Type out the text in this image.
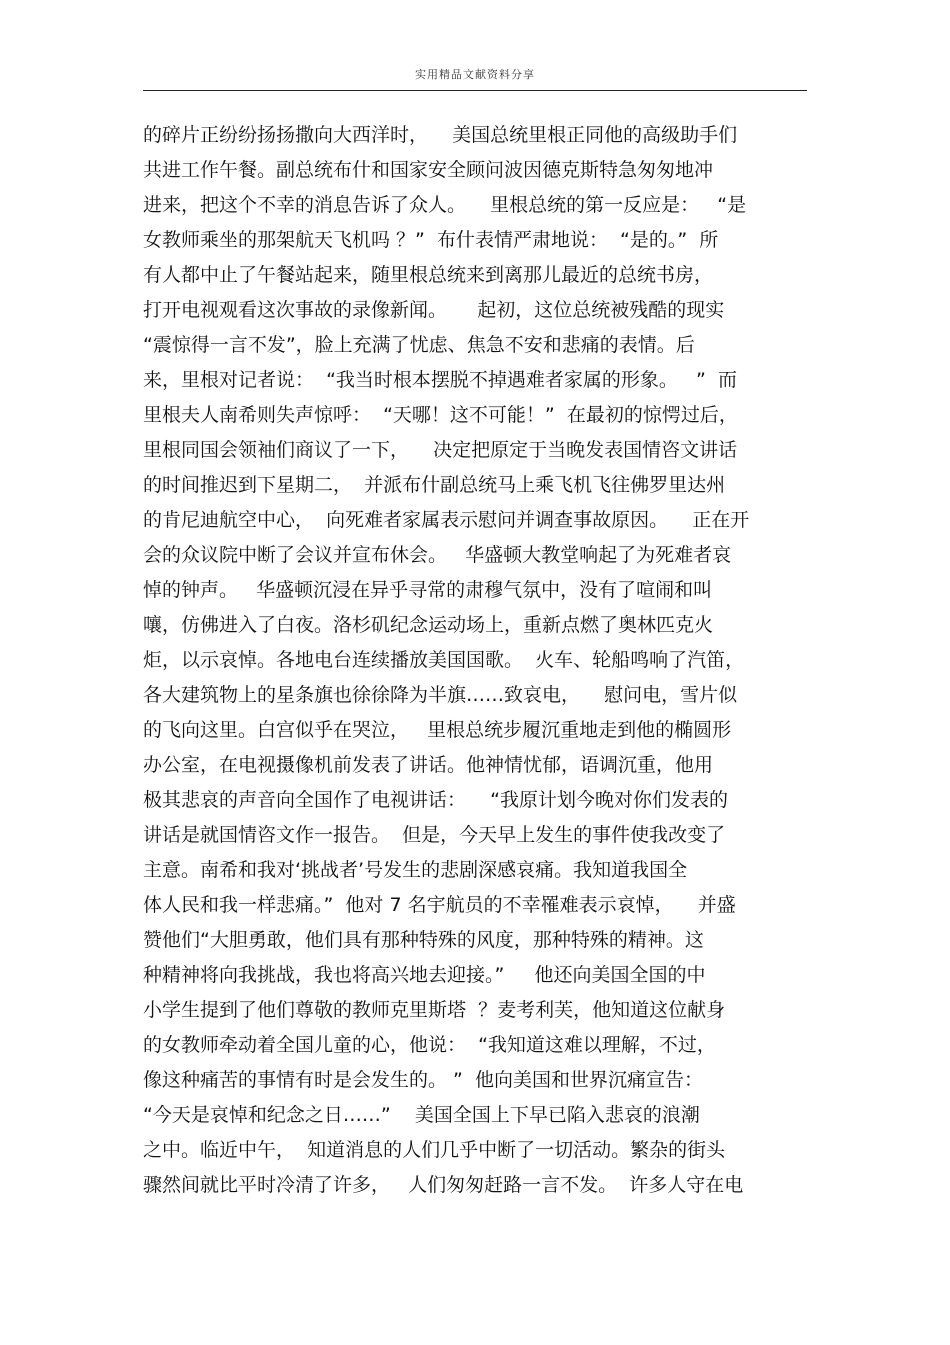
实用精品文献资料分享
的碎片正纷纷扬扬撒向大西洋时，    美国总统里根正同他的高级助手们
共进工作午餐。副总统布什和国家安全顾问波因德克斯特急匆匆地冲
进来，把这个不幸的消息告诉了众人。    里根总统的第一反应是：   “是
女教师乘坐的那架航天飞机吗 ？”  布什表情严肃地说：  “是的。”  所
有人都中止了午餐站起来，随里根总统来到离那儿最近的总统书房，
打开电视观看这次事故的录像新闻。     起初，这位总统被残酷的现实
“震惊得一言不发”，脸上充满了忧虑、焦急不安和悲痛的表情。后
来，里根对记者说：  “我当时根本摆脱不掉遇难者家属的形象。   ”  而
里根夫人南希则失声惊呼：  “天哪！这不可能！”  在最初的惊愕过后，
里根同国会领袖们商议了一下，    决定把原定于当晚发表国情咨文讲话
的时间推迟到下星期二，  并派布什副总统马上乘飞机飞往佛罗里达州
的肯尼迪航空中心，  向死难者家属表示慰问并调查事故原因。    正在开
会的众议院中断了会议并宣布休会。   华盛顿大教堂响起了为死难者哀
悼的钟声。   华盛顿沉浸在异乎寻常的肃穆气氛中，没有了喧闹和叫
嚷，仿佛进入了白夜。洛杉矶纪念运动场上，重新点燃了奥林匹克火
炬，以示哀悼。各地电台连续播放美国国歌。  火车、轮船鸣响了汽笛，
各大建筑物上的星条旗也徐徐降为半旗……致哀电，    慰问电，雪片似
的飞向这里。白宫似乎在哭泣，   里根总统步履沉重地走到他的椭圆形
办公室，在电视摄像机前发表了讲话。他神情忧郁，语调沉重，他用
极其悲哀的声音向全国作了电视讲话：    “我原计划今晚对你们发表的
讲话是就国情咨文作一报告。  但是，今天早上发生的事件使我改变了
主意。南希和我对‘挑战者’号发生的悲剧深感哀痛。我知道我国全
体人民和我一样悲痛。”  他对 7 名宇航员的不幸罹难表示哀悼，    并盛
赞他们“大胆勇敢，他们具有那种特殊的风度，那种特殊的精神。这
种精神将向我挑战，我也将高兴地去迎接。”     他还向美国全国的中
小学生提到了他们尊敬的教师克里斯塔  ？麦考利芙，他知道这位献身
的女教师牵动着全国儿童的心，他说：  “我知道这难以理解，不过，
像这种痛苦的事情有时是会发生的。 ”  他向美国和世界沉痛宣告：
“今天是哀悼和纪念之日……”    美国全国上下早已陷入悲哀的浪潮
之中。临近中午，  知道消息的人们几乎中断了一切活动。繁杂的街头
骤然间就比平时冷清了许多，   人们匆匆赶路一言不发。  许多人守在电
